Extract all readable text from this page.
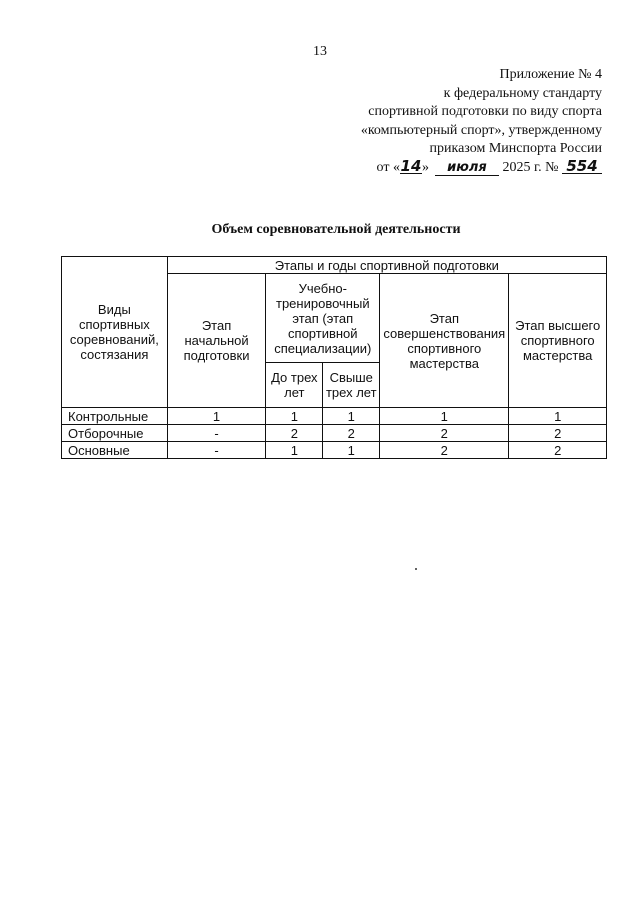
13
Приложение № 4
к федеральному стандарту
спортивной подготовки по виду спорта
«компьютерный спорт», утвержденному
приказом Минспорта России
от «14» июля 2025 г. № 554
Объем соревновательной деятельности
Виды спортивных соревнований, состязания	Этапы и годы спортивной подготовки				
	Этап начальной подготовки	Учебно-тренировочный этап (этап спортивной специализации)		Этап совершенствования спортивного мастерства	Этап высшего спортивного мастерства
		До трех лет	Свыше трех лет		
Контрольные	1	1	1	1	1
Отборочные	-	2	2	2	2
Основные	-	1	1	2	2
